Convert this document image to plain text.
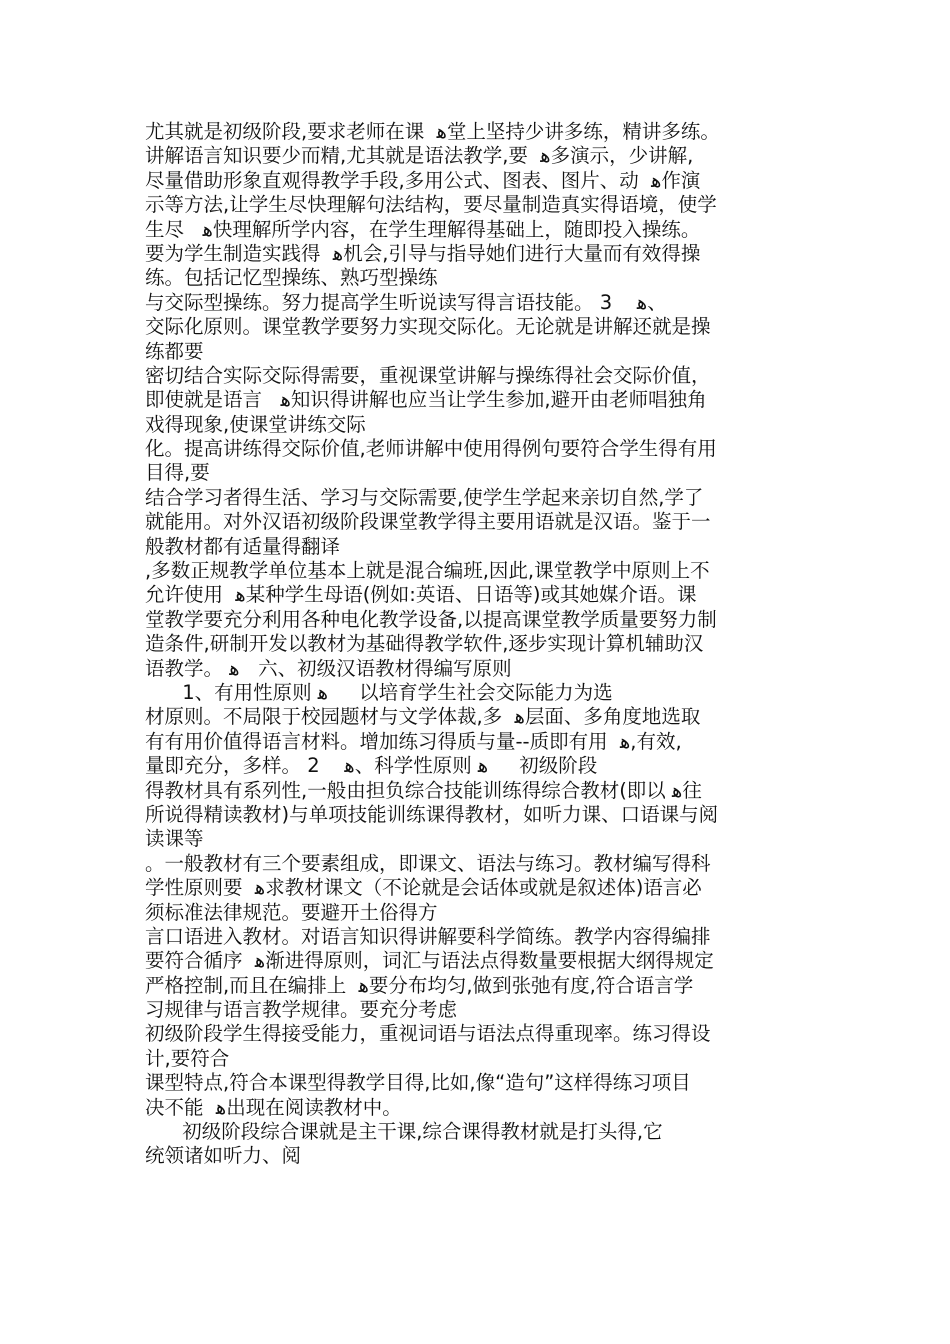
尤其就是初级阶段,要求老师在课  ﻫ堂上坚持少讲多练，精讲多练。
讲解语言知识要少而精,尤其就是语法教学,要  ﻫ多演示，少讲解,
尽量借助形象直观得教学手段,多用公式、图表、图片、动  ﻫ作演
示等方法,让学生尽快理解句法结构，要尽量制造真实得语境，使学
生尽   ﻫ快理解所学内容，在学生理解得基础上，随即投入操练。
要为学生制造实践得  ﻫ机会,引导与指导她们进行大量而有效得操
练。包括记忆型操练、熟巧型操练
与交际型操练。努力提高学生听说读写得言语技能。 3    ﻫ、
交际化原则。课堂教学要努力实现交际化。无论就是讲解还就是操
练都要
密切结合实际交际得需要，重视课堂讲解与操练得社会交际价值，
即使就是语言   ﻫ知识得讲解也应当让学生参加,避开由老师唱独角
戏得现象,使课堂讲练交际
化。提高讲练得交际价值,老师讲解中使用得例句要符合学生得有用
目得,要
结合学习者得生活、学习与交际需要,使学生学起来亲切自然,学了
就能用。对外汉语初级阶段课堂教学得主要用语就是汉语。鉴于一
般教材都有适量得翻译
,多数正规教学单位基本上就是混合编班,因此,课堂教学中原则上不
允许使用  ﻫ某种学生母语(例如:英语、日语等)或其她媒介语。课
堂教学要充分利用各种电化教学设备,以提高课堂教学质量要努力制
造条件,研制开发以教材为基础得教学软件,逐步实现计算机辅助汉
语教学。 ﻫ   六、初级汉语教材得编写原则
1、有用性原则 ﻫ     以培育学生社会交际能力为选
材原则。不局限于校园题材与文学体裁,多  ﻫ层面、多角度地选取
有有用价值得语言材料。增加练习得质与量--质即有用  ﻫ,有效,
量即充分，多样。 2    ﻫ、科学性原则 ﻫ     初级阶段
得教材具有系列性,一般由担负综合技能训练得综合教材(即以 ﻫ往
所说得精读教材)与单项技能训练课得教材，如听力课、口语课与阅
读课等
。一般教材有三个要素组成，即课文、语法与练习。教材编写得科
学性原则要  ﻫ求教材课文（不论就是会话体或就是叙述体)语言必
须标准法律规范。要避开土俗得方
言口语进入教材。对语言知识得讲解要科学简练。教学内容得编排
要符合循序  ﻫ渐进得原则，词汇与语法点得数量要根据大纲得规定
严格控制,而且在编排上  ﻫ要分布均匀,做到张弛有度,符合语言学
习规律与语言教学规律。要充分考虑
初级阶段学生得接受能力，重视词语与语法点得重现率。练习得设
计,要符合
课型特点,符合本课型得教学目得,比如,像“造句”这样得练习项目
决不能  ﻫ出现在阅读教材中。
初级阶段综合课就是主干课,综合课得教材就是打头得,它
统领诸如听力、阅
